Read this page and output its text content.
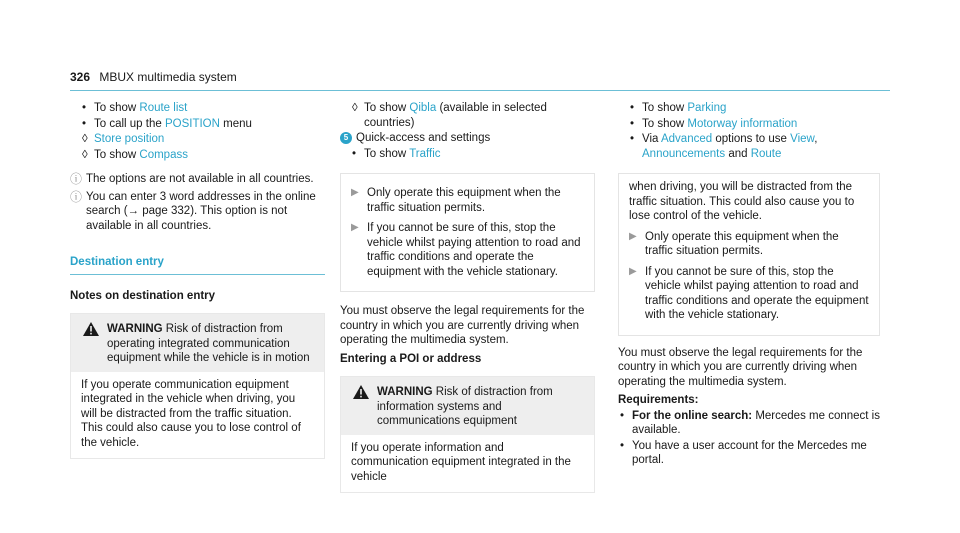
326 MBUX multimedia system
• To show Route list
• To call up the POSITION menu
◊ Store position
◊ To show Compass
ⓘ The options are not available in all countries.
ⓘ You can enter 3 word addresses in the online search (→ page 332). This option is not available in all countries.
Destination entry
Notes on destination entry
WARNING Risk of distraction from operating integrated communication equipment while the vehicle is in motion
If you operate communication equipment integrated in the vehicle when driving, you will be distracted from the traffic situation. This could also cause you to lose control of the vehicle.
◊ To show Qibla (available in selected countries)
5 Quick-access and settings
• To show Traffic
▶ Only operate this equipment when the traffic situation permits.
▶ If you cannot be sure of this, stop the vehicle whilst paying attention to road and traffic conditions and operate the equipment with the vehicle stationary.
You must observe the legal requirements for the country in which you are currently driving when operating the multimedia system.
Entering a POI or address
WARNING Risk of distraction from information systems and communications equipment
If you operate information and communication equipment integrated in the vehicle
• To show Parking
• To show Motorway information
• Via Advanced options to use View, Announcements and Route
when driving, you will be distracted from the traffic situation. This could also cause you to lose control of the vehicle.
▶ Only operate this equipment when the traffic situation permits.
▶ If you cannot be sure of this, stop the vehicle whilst paying attention to road and traffic conditions and operate the equipment with the vehicle stationary.
You must observe the legal requirements for the country in which you are currently driving when operating the multimedia system.
Requirements:
• For the online search: Mercedes me connect is available.
• You have a user account for the Mercedes me portal.
